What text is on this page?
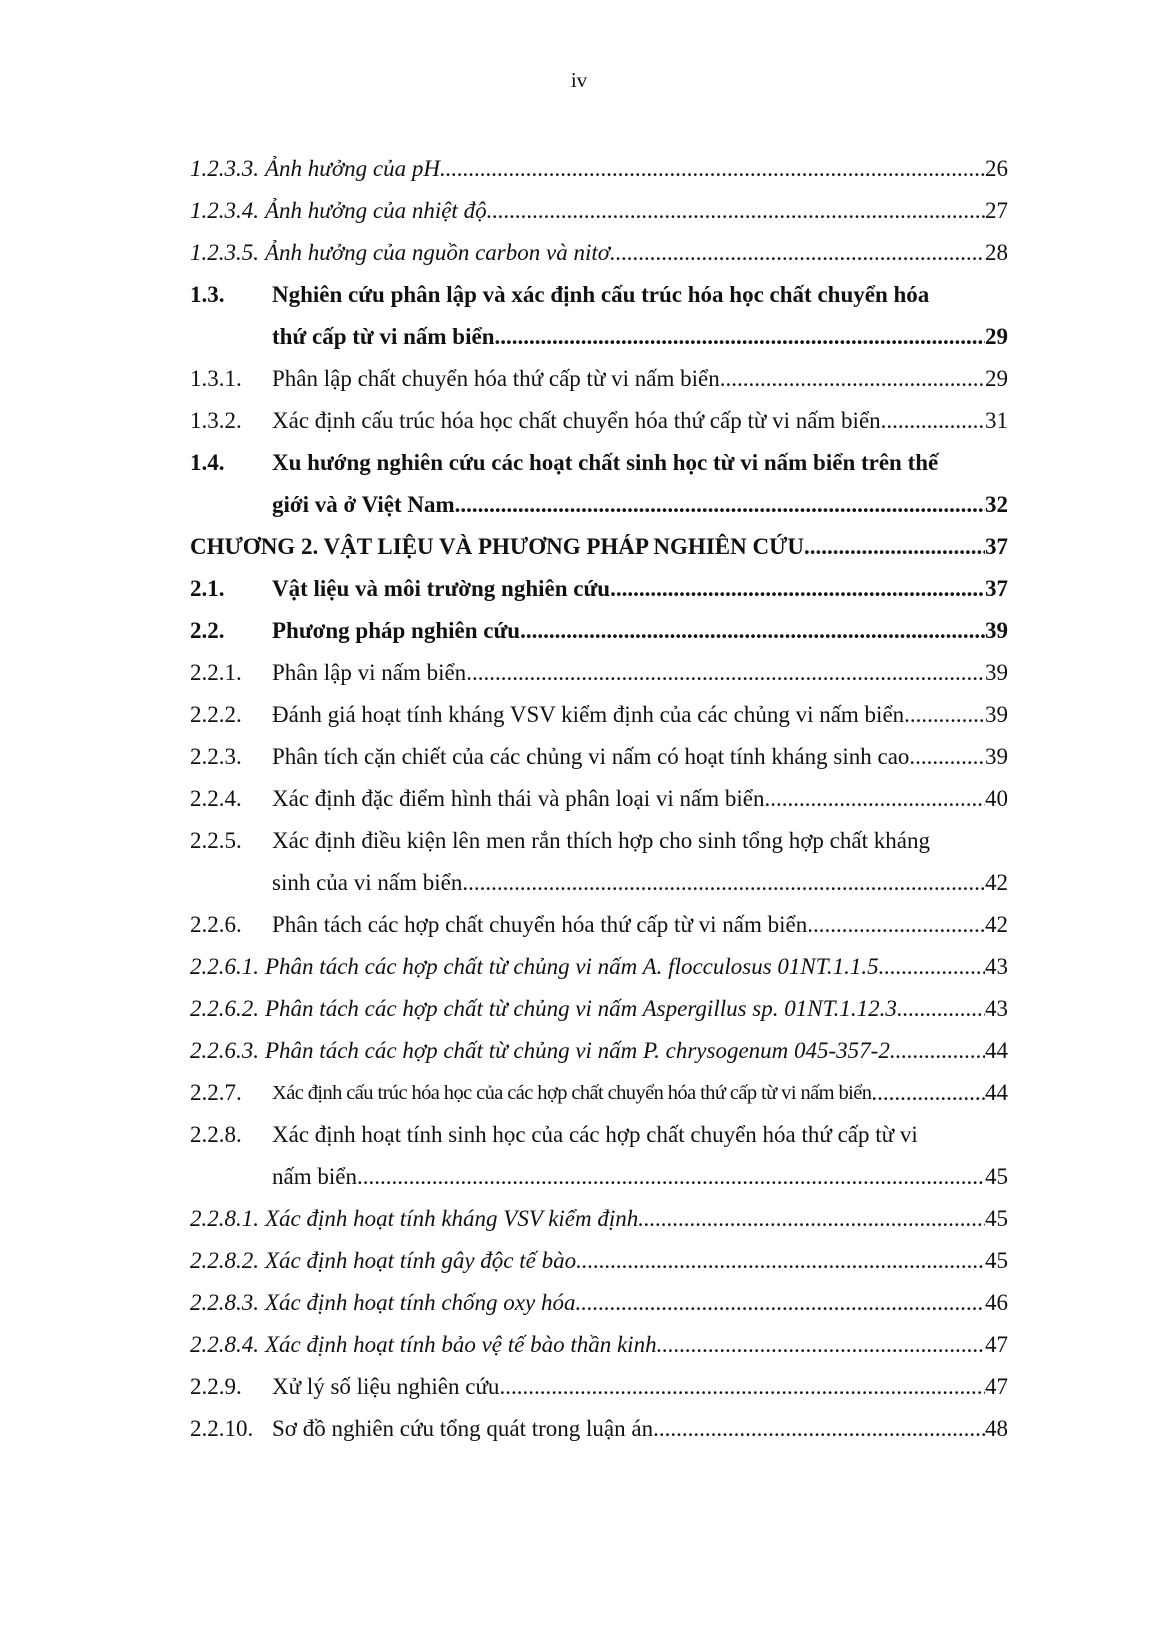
iv
1.2.3.3. Ảnh hưởng của pH .....	26
1.2.3.4. Ảnh hưởng của nhiệt độ .....	27
1.2.3.5. Ảnh hưởng của nguồn carbon và nitơ .....	28
1.3. Nghiên cứu phân lập và xác định cấu trúc hóa học chất chuyển hóa
thứ cấp từ vi nấm biển .....	29
1.3.1. Phân lập chất chuyển hóa thứ cấp từ vi nấm biển .....	29
1.3.2. Xác định cấu trúc hóa học chất chuyển hóa thứ cấp từ vi nấm biển .....	31
1.4. Xu hướng nghiên cứu các hoạt chất sinh học từ vi nấm biển trên thế
giới và ở Việt Nam .....	32
CHƯƠNG 2. VẬT LIỆU VÀ PHƯƠNG PHÁP NGHIÊN CỨU .....	37
2.1. Vật liệu và môi trường nghiên cứu .....	37
2.2. Phương pháp nghiên cứu .....	39
2.2.1. Phân lập vi nấm biển .....	39
2.2.2. Đánh giá hoạt tính kháng VSV kiểm định của các chủng vi nấm biển .....	39
2.2.3. Phân tích cặn chiết của các chủng vi nấm có hoạt tính kháng sinh cao .....	39
2.2.4. Xác định đặc điểm hình thái và phân loại vi nấm biển .....	40
2.2.5. Xác định điều kiện lên men rắn thích hợp cho sinh tổng hợp chất kháng
sinh của vi nấm biển .....	42
2.2.6. Phân tách các hợp chất chuyển hóa thứ cấp từ vi nấm biển .....	42
2.2.6.1. Phân tách các hợp chất từ chủng vi nấm A. flocculosus 01NT.1.1.5 .....	43
2.2.6.2. Phân tách các hợp chất từ chủng vi nấm Aspergillus sp. 01NT.1.12.3 .....	43
2.2.6.3. Phân tách các hợp chất từ chủng vi nấm P. chrysogenum 045-357-2 .....	44
2.2.7. Xác định cấu trúc hóa học của các hợp chất chuyển hóa thứ cấp từ vi nấm biển .....	44
2.2.8. Xác định hoạt tính sinh học của các hợp chất chuyển hóa thứ cấp từ vi
nấm biển .....	45
2.2.8.1. Xác định hoạt tính kháng VSV kiểm định .....	45
2.2.8.2. Xác định hoạt tính gây độc tế bào .....	45
2.2.8.3. Xác định hoạt tính chống oxy hóa .....	46
2.2.8.4. Xác định hoạt tính bảo vệ tế bào thần kinh .....	47
2.2.9. Xử lý số liệu nghiên cứu .....	47
2.2.10. Sơ đồ nghiên cứu tổng quát trong luận án .....	48
